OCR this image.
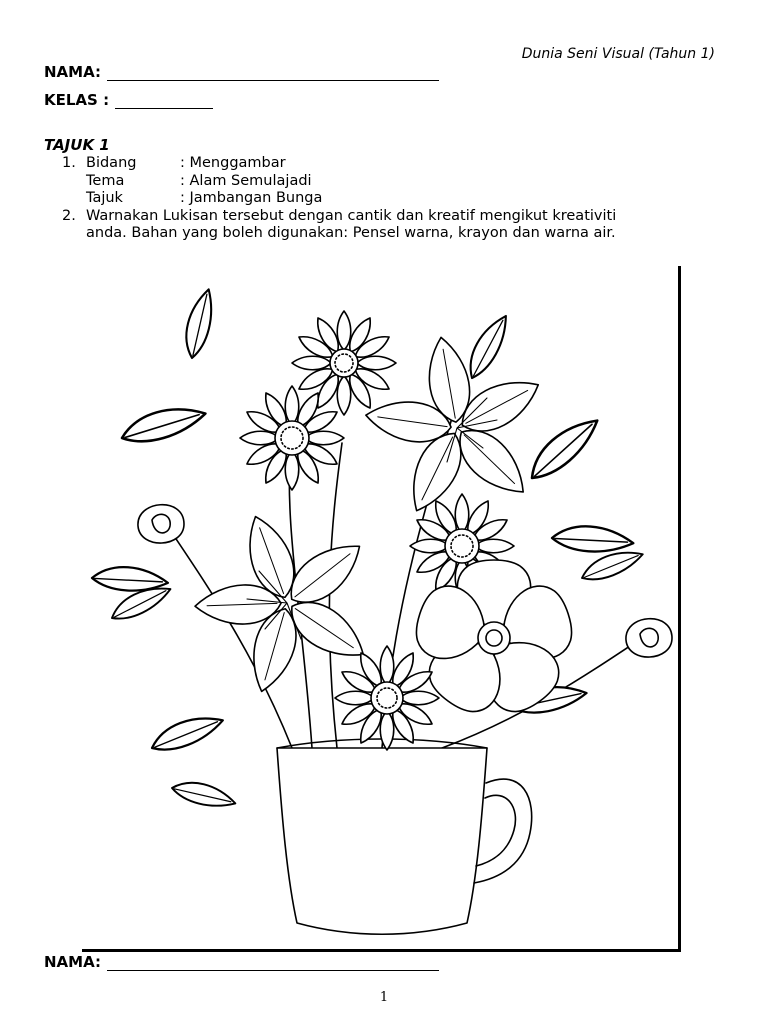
Dunia Seni Visual (Tahun 1)
NAMA:
KELAS :
TAJUK 1
1. Bidang	: Menggambar
Tema	: Alam Semulajadi
Tajuk	: Jambangan Bunga
2. Warnakan Lukisan tersebut dengan cantik dan kreatif mengikut kreativiti
anda. Bahan yang boleh digunakan: Pensel warna, krayon dan warna air.
NAMA:
1
